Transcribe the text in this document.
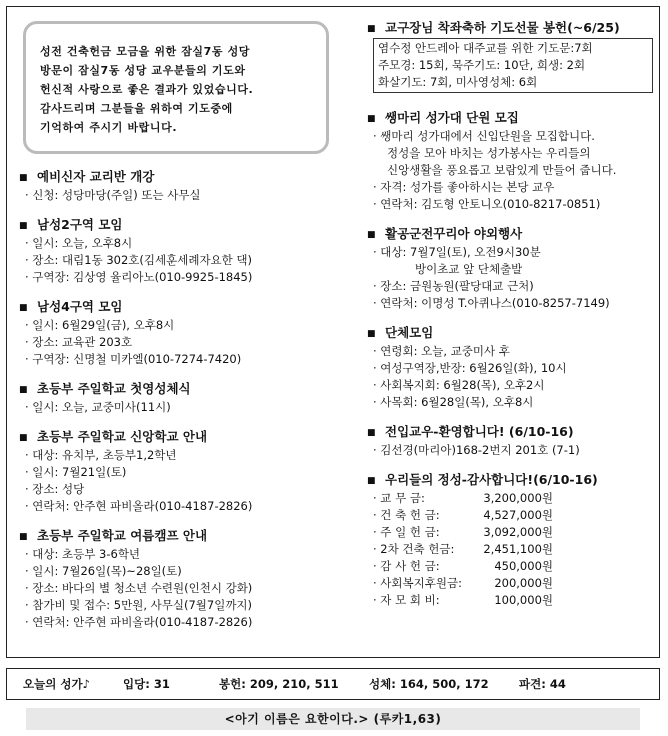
성전 건축헌금 모금을 위한 잠실7동 성당
방문이 잠실7동 성당 교우분들의 기도와
헌신적 사랑으로 좋은 결과가 있었습니다.
감사드리며 그분들을 위하여 기도중에
기억하여 주시기 바랍니다.
■ 예비신자 교리반 개강
· 신청: 성당마당(주일) 또는 사무실
■ 남성2구역 모임
· 일시: 오늘, 오후8시
· 장소: 대림1동 302호(김세훈세례자요한 댁)
· 구역장: 김상영 율리아노(010-9925-1845)
■ 남성4구역 모임
· 일시: 6월29일(금), 오후8시
· 장소: 교육관 203호
· 구역장: 신명철 미카엘(010-7274-7420)
■ 초등부 주일학교 첫영성체식
· 일시: 오늘, 교중미사(11시)
■ 초등부 주일학교 신앙학교 안내
· 대상: 유치부, 초등부1,2학년
· 일시: 7월21일(토)
· 장소: 성당
· 연락처: 안주현 파비올라(010-4187-2826)
■ 초등부 주일학교 여름캠프 안내
· 대상: 초등부 3-6학년
· 일시: 7월26일(목)~28일(토)
· 장소: 바다의 별 청소년 수련원(인천시 강화)
· 참가비 및 접수: 5만원, 사무실(7월7일까지)
· 연락처: 안주현 파비올라(010-4187-2826)
■ 교구장님 착좌축하 기도선물 봉헌(~6/25)
염수정 안드레아 대주교를 위한 기도문:7회
주모경: 15회, 묵주기도: 10단, 희생: 2회
화살기도: 7회, 미사영성체: 6회
■ 쌩마리 성가대 단원 모집
· 쌩마리 성가대에서 신입단원을 모집합니다.
정성을 모아 바치는 성가봉사는 우리들의
신앙생활을 풍요롭고 보람있게 만들어 줍니다.
· 자격: 성가를 좋아하시는 본당 교우
· 연락처: 김도형 안토니오(010-8217-0851)
■ 활공군전꾸리아 야외행사
· 대상: 7월7일(토), 오전9시30분
방이초교 앞 단체출발
· 장소: 금원농원(팔당대교 근처)
· 연락처: 이명성 T.아퀴나스(010-8257-7149)
■ 단체모임
· 연령회: 오늘, 교중미사 후
· 여성구역장,반장: 6월26일(화), 10시
· 사회복지회: 6월28(목), 오후2시
· 사목회: 6월28일(목), 오후8시
■ 전입교우-환영합니다! (6/10-16)
· 김선경(마리아)168-2번지 201호 (7-1)
■ 우리들의 정성-감사합니다!(6/10-16)
· 교 무 금:	3,200,000원
· 건 축 헌 금:	4,527,000원
· 주 일 헌 금:	3,092,000원
· 2차 건축 헌금:	2,451,100원
· 감 사 헌 금:	450,000원
· 사회복지후원금:	200,000원
· 자 모 회 비:	100,000원
오늘의 성가♪	입당: 31	봉헌: 209, 210, 511	성체: 164, 500, 172	파견: 44
<아기 이름은 요한이다.> (루카1,63)
